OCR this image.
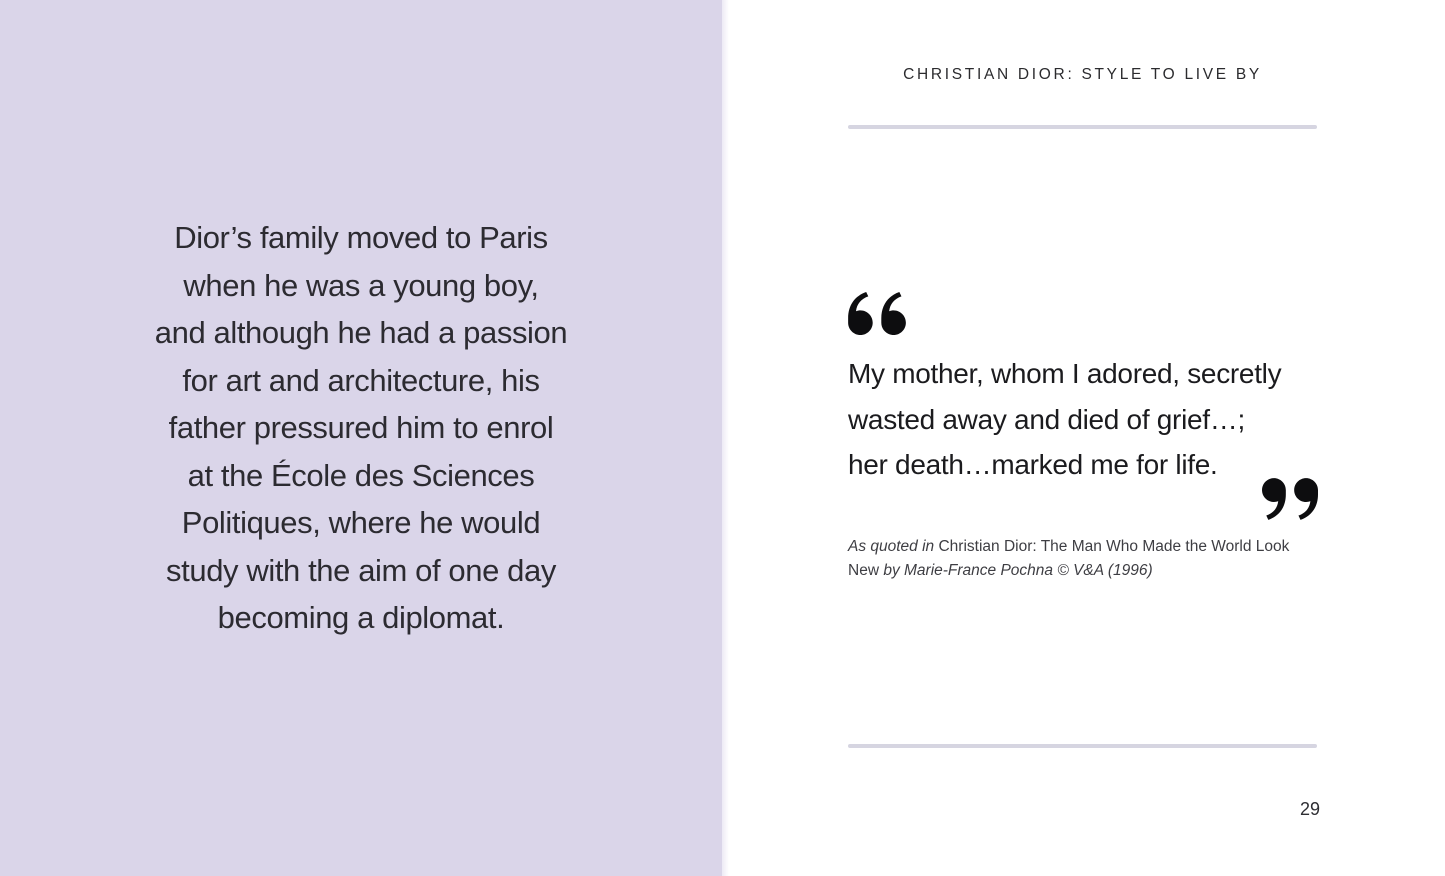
Dior’s family moved to Paris
when he was a young boy,
and although he had a passion
for art and architecture, his
father pressured him to enrol
at the École des Sciences
Politiques, where he would
study with the aim of one day
becoming a diplomat.
CHRISTIAN DIOR: STYLE TO LIVE BY
My mother, whom I adored, secretly
wasted away and died of grief…;
her death…marked me for life.
As quoted in Christian Dior: The Man Who Made the World Look
New by Marie-France Pochna © V&A (1996)
29
